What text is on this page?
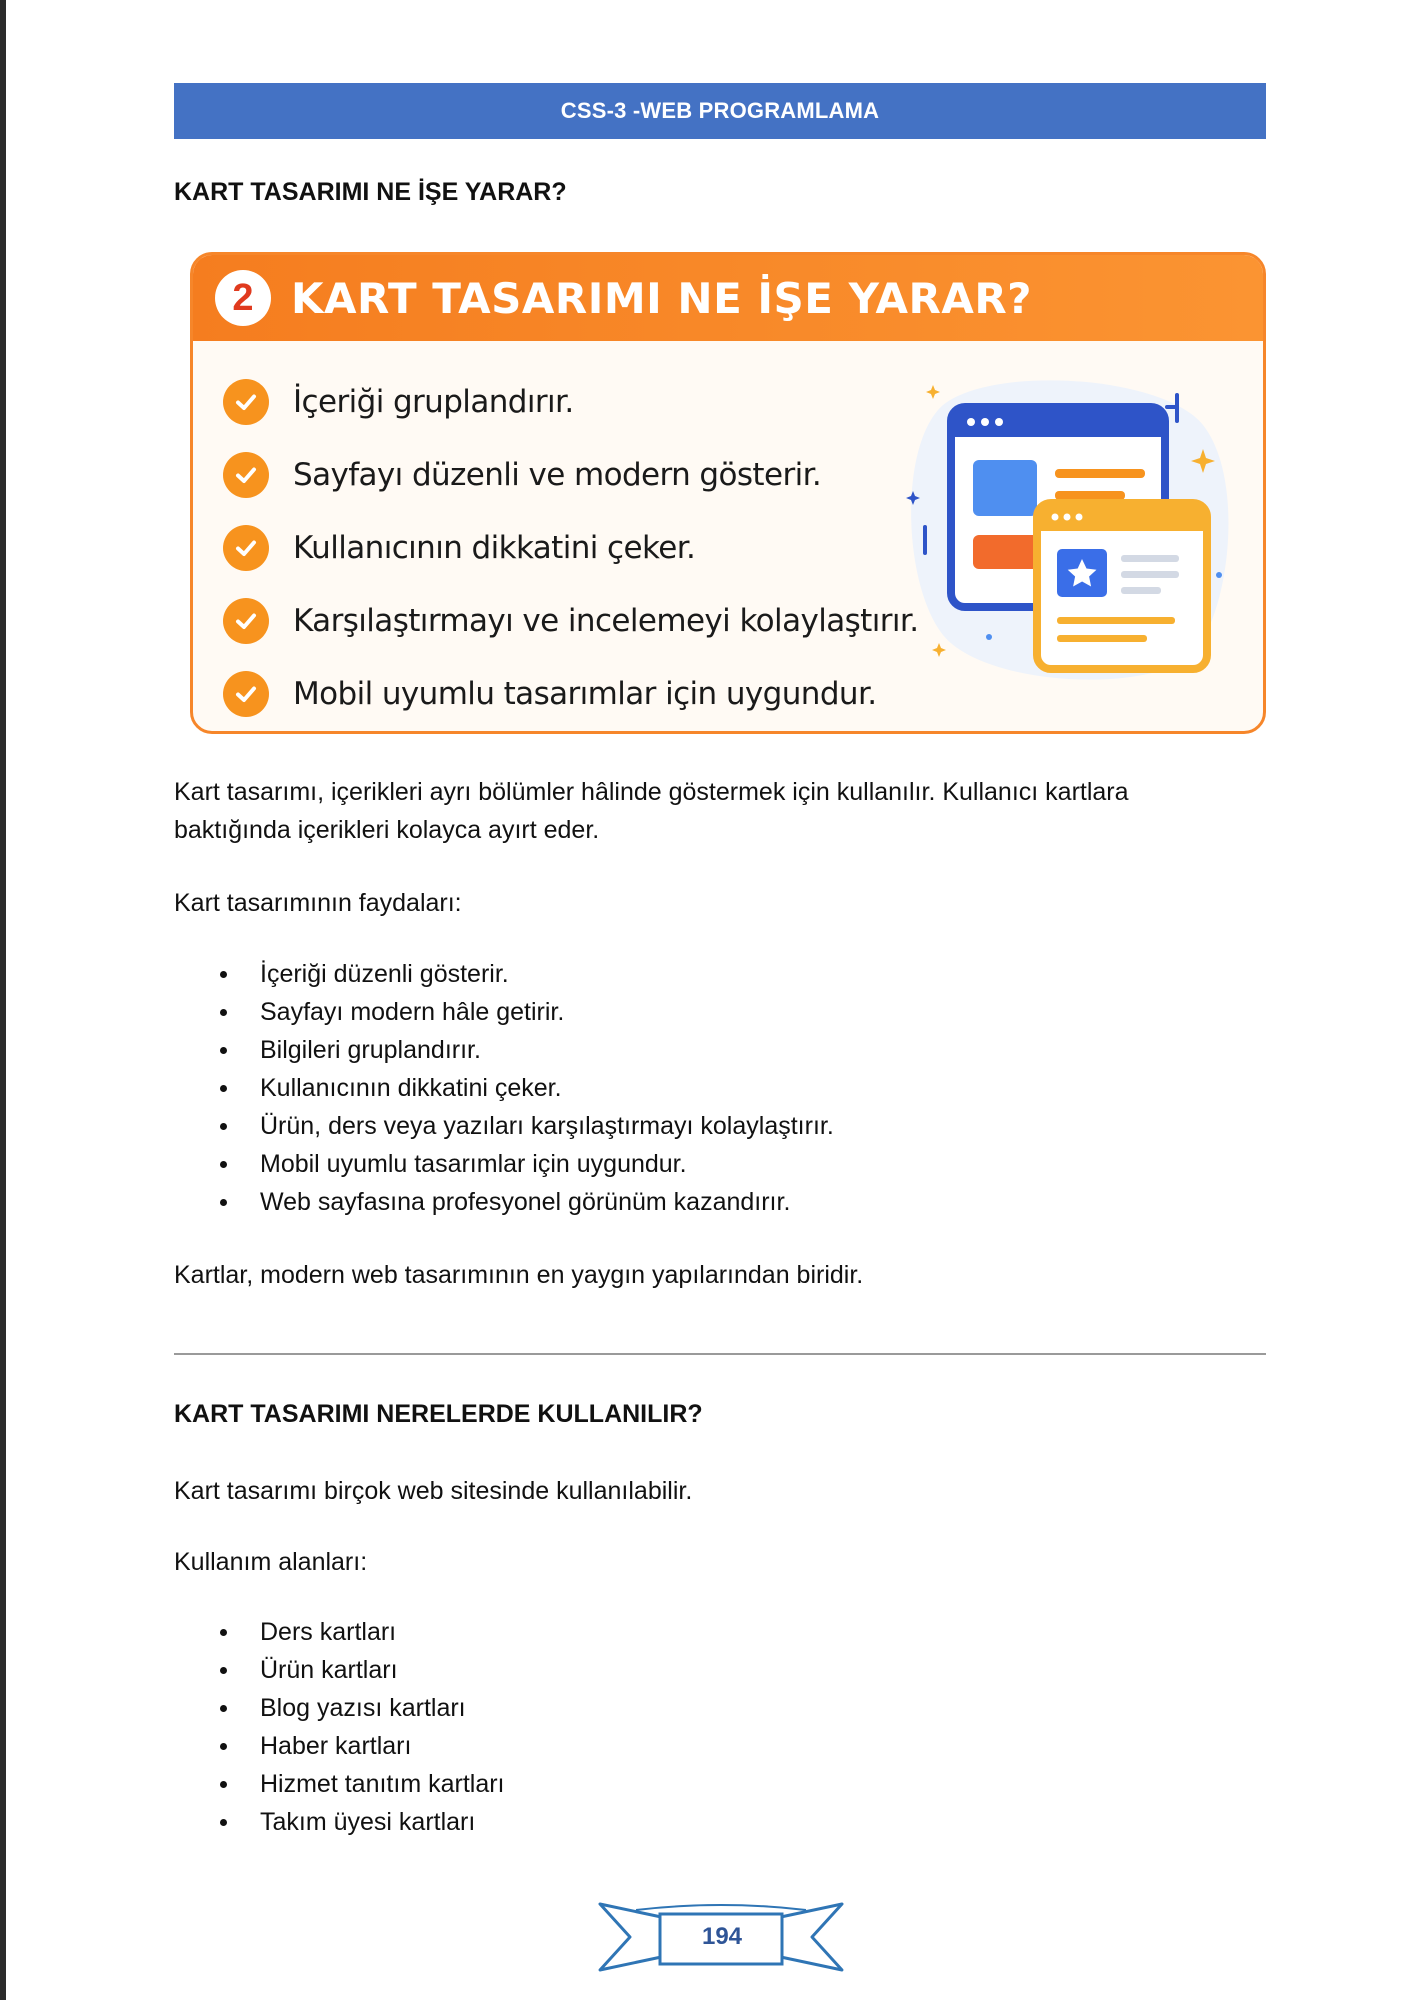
CSS-3 -WEB PROGRAMLAMA
KART TASARIMI NE İŞE YARAR?
2 KART TASARIMI NE İŞE YARAR?
İçeriği gruplandırır.
Sayfayı düzenli ve modern gösterir.
Kullanıcının dikkatini çeker.
Karşılaştırmayı ve incelemeyi kolaylaştırır.
Mobil uyumlu tasarımlar için uygundur.
Kart tasarımı, içerikleri ayrı bölümler hâlinde göstermek için kullanılır. Kullanıcı kartlara
baktığında içerikleri kolayca ayırt eder.
Kart tasarımının faydaları:
İçeriği düzenli gösterir.
Sayfayı modern hâle getirir.
Bilgileri gruplandırır.
Kullanıcının dikkatini çeker.
Ürün, ders veya yazıları karşılaştırmayı kolaylaştırır.
Mobil uyumlu tasarımlar için uygundur.
Web sayfasına profesyonel görünüm kazandırır.
Kartlar, modern web tasarımının en yaygın yapılarından biridir.
KART TASARIMI NERELERDE KULLANILIR?
Kart tasarımı birçok web sitesinde kullanılabilir.
Kullanım alanları:
Ders kartları
Ürün kartları
Blog yazısı kartları
Haber kartları
Hizmet tanıtım kartları
Takım üyesi kartları
194
